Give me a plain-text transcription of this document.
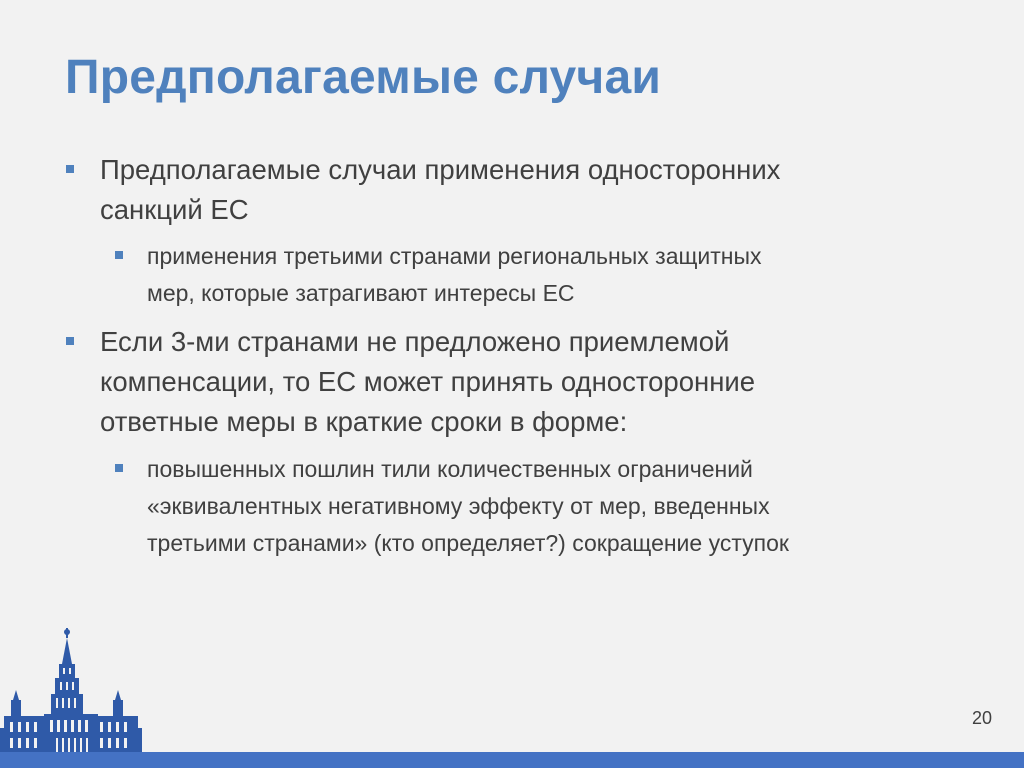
Предполагаемые случаи
Предполагаемые случаи применения односторонних
санкций ЕС
применения третьими странами региональных защитных
мер, которые затрагивают интересы ЕС
Если 3-ми странами не предложено приемлемой
компенсации, то ЕС может принять односторонние
ответные меры в краткие сроки в форме:
повышенных пошлин тили количественных ограничений
«эквивалентных негативному эффекту от мер, введенных
третьими странами» (кто определяет?) сокращение уступок
20
